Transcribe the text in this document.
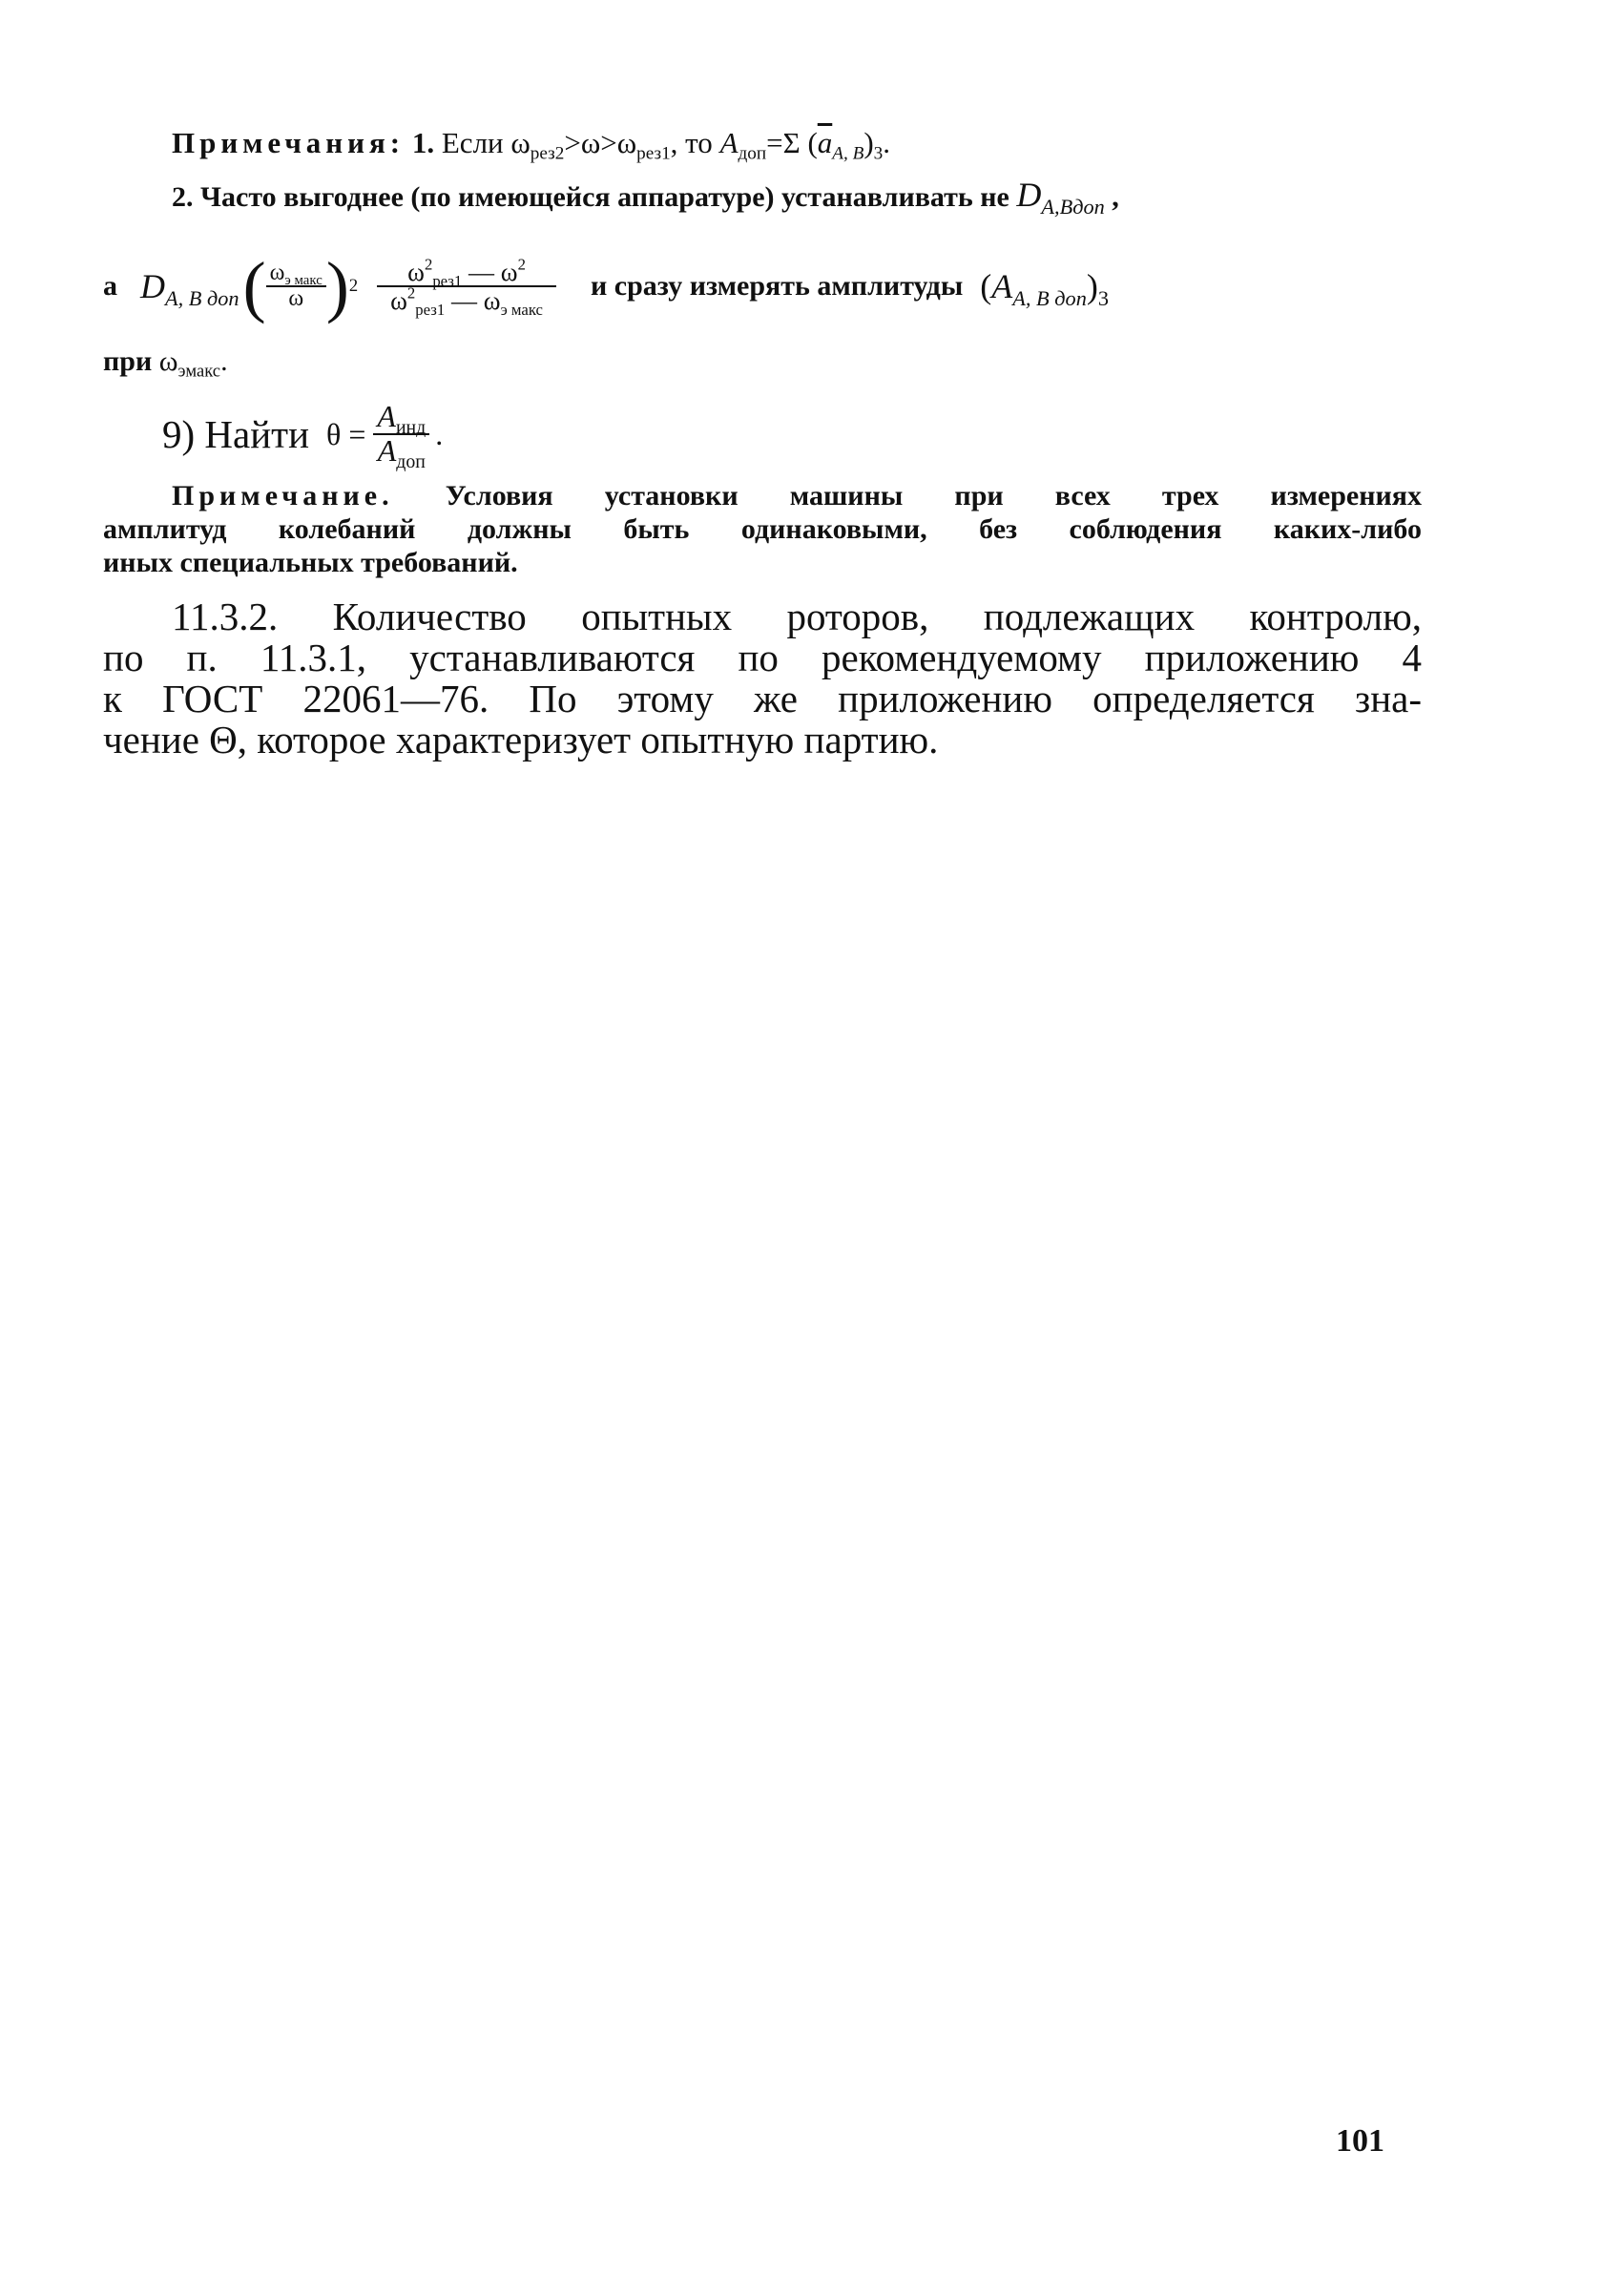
Примечания: 1. Если $\omega_{рез2}>\omega>\omega_{рез1}$, то $A_{доп}=\Sigma$ $(\overline{a}_{A, B})_3$.
2. Часто выгоднее (по имеющейся аппаратуре) устанавливать не $D_{A,Bдоп}$ ,
а $D_{A, B доп}$ ( $\frac{\omega_{э макс}}{\omega}$ ) $2 \frac{\omega^2_{рез1} — \omega^2}{\omega^2_{рез1} — \omega_{э макс}}$ и сразу измерять амплитуды $(A_{A, B доп})_3$
при $\omega_{эмакс}$.
9) Найти $\theta = \frac{A_{инд}}{A_{доп}}$ .
Примечание. Условия установки машины при всех трех измерениях
амплитуд колебаний должны быть одинаковыми, без соблюдения каких-либо
иных специальных требований.
11.3.2. Количество опытных роторов, подлежащих контролю,
по п. 11.3.1, устанавливаются по рекомендуемому приложению 4
к ГОСТ 22061—76. По этому же приложению определяется зна-
чение Θ, которое характеризует опытную партию.
101
